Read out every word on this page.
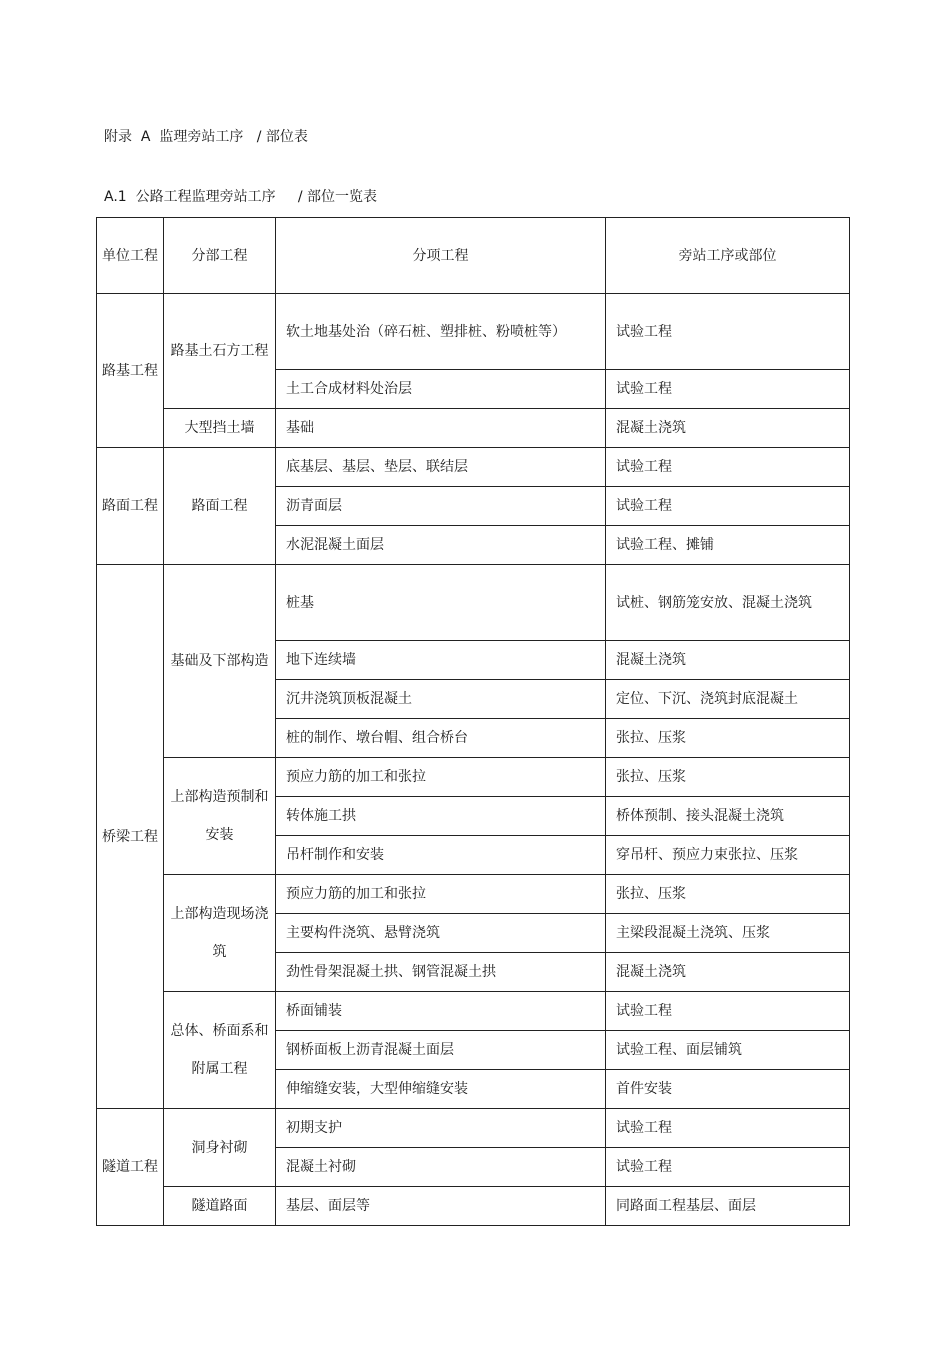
附录  A  监理旁站工序   / 部位表
A.1  公路工程监理旁站工序     / 部位一览表
单位工程	分部工程	分项工程	旁站工序或部位
路基工程	路基土石方工程	软土地基处治（碎石桩、塑排桩、粉喷桩等）	试验工程
		土工合成材料处治层	试验工程
	大型挡土墙	基础	混凝土浇筑
路面工程	路面工程	底基层、基层、垫层、联结层	试验工程
		沥青面层	试验工程
		水泥混凝土面层	试验工程、摊铺
桥梁工程	基础及下部构造	桩基	试桩、钢筋笼安放、混凝土浇筑
		地下连续墙	混凝土浇筑
		沉井浇筑顶板混凝土	定位、下沉、浇筑封底混凝土
		桩的制作、墩台帽、组合桥台	张拉、压浆
	上部构造预制和安装	预应力筋的加工和张拉	张拉、压浆
		转体施工拱	桥体预制、接头混凝土浇筑
		吊杆制作和安装	穿吊杆、预应力束张拉、压浆
	上部构造现场浇筑	预应力筋的加工和张拉	张拉、压浆
		主要构件浇筑、悬臂浇筑	主梁段混凝土浇筑、压浆
		劲性骨架混凝土拱、钢管混凝土拱	混凝土浇筑
	总体、桥面系和附属工程	桥面铺装	试验工程
		钢桥面板上沥青混凝土面层	试验工程、面层铺筑
		伸缩缝安装，大型伸缩缝安装	首件安装
隧道工程	洞身衬砌	初期支护	试验工程
		混凝土衬砌	试验工程
	隧道路面	基层、面层等	同路面工程基层、面层
